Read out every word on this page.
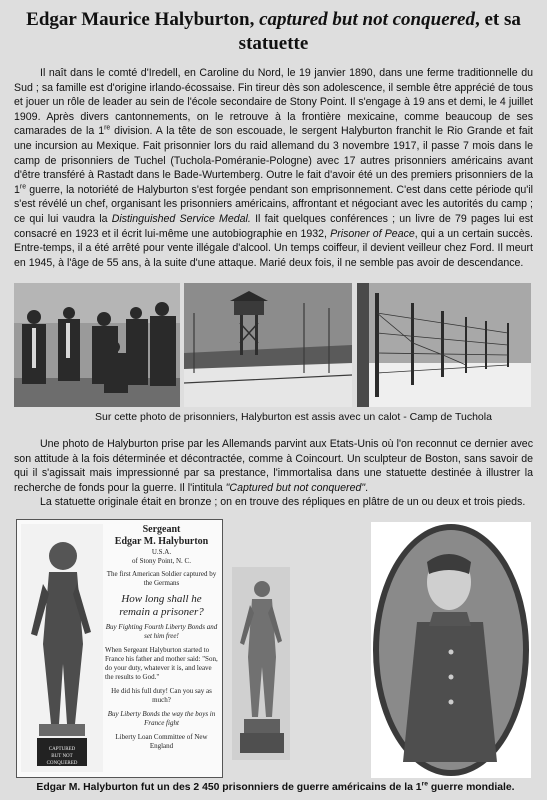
Edgar Maurice Halyburton, captured but not conquered, et sa statuette

Il naît dans le comté d'Iredell, en Caroline du Nord, le 19 janvier 1890, dans une ferme traditionnelle du Sud ; sa famille est d'origine irlando-écossaise. Fin tireur dès son adolescence, il semble être apprécié de tous et jouer un rôle de leader au sein de l'école secondaire de Stony Point. Il s'engage à 19 ans et demi, le 4 juillet 1909. Après divers cantonnements, on le retrouve à la frontière mexicaine, comme beaucoup de ses camarades de la 1re division. A la tête de son escouade, le sergent Halyburton franchit le Rio Grande et fait une incursion au Mexique. Fait prisonnier lors du raid allemand du 3 novembre 1917, il passe 7 mois dans le camp de prisonniers de Tuchel (Tuchola-Poméranie-Pologne) avec 17 autres prisonniers américains avant d'être transféré à Rastadt dans le Bade-Wurtemberg. Outre le fait d'avoir été un des premiers prisonniers de la 1re guerre, la notoriété de Halyburton s'est forgée pendant son emprisonnement. C'est dans cette période qu'il s'est révélé un chef, organisant les prisonniers américains, affrontant et négociant avec les autorités du camp ; ce qui lui vaudra la Distinguished Service Medal. Il fait quelques conférences ; un livre de 79 pages lui est consacré en 1923 et il écrit lui-même une autobiographie en 1932, Prisoner of Peace, qui a un certain succès. Entre-temps, il a été arrêté pour vente illégale d'alcool. Un temps coiffeur, il devient veilleur chez Ford. Il meurt en 1945, à l'âge de 55 ans, à la suite d'une attaque. Marié deux fois, il ne semble pas avoir de descendance.

Sur cette photo de prisonniers, Halyburton est assis avec un calot - Camp de Tuchola

Une photo de Halyburton prise par les Allemands parvint aux Etats-Unis où l'on reconnut ce dernier avec son attitude à la fois déterminée et décontractée, comme à Coincourt. Un sculpteur de Boston, sans savoir de qui il s'agissait mais impressionné par sa prestance, l'immortalisa dans une statuette destinée à illustrer la recherche de fonds pour la guerre. Il l'intitula "Captured but not conquered".
La statuette originale était en bronze ; on en trouve des répliques en plâtre de un ou deux et trois pieds.

CAPTURED
BUT NOT
CONQUERED
Sergeant
Edgar M. Halyburton
U.S.A.
of Stony Point, N. C.
The first American Soldier captured by the Germans
How long shall he remain a prisoner?
Buy Fighting Fourth Liberty Bonds and set him free!
When Sergeant Halyburton started to France his father and mother said: "Son, do your duty, whatever it is, and leave the results to God."
He did his full duty! Can you say as much?
Buy Liberty Bonds the way the boys in France fight
Liberty Loan Committee of New England

Edgar M. Halyburton fut un des 2 450 prisonniers de guerre américains de la 1re guerre mondiale.
